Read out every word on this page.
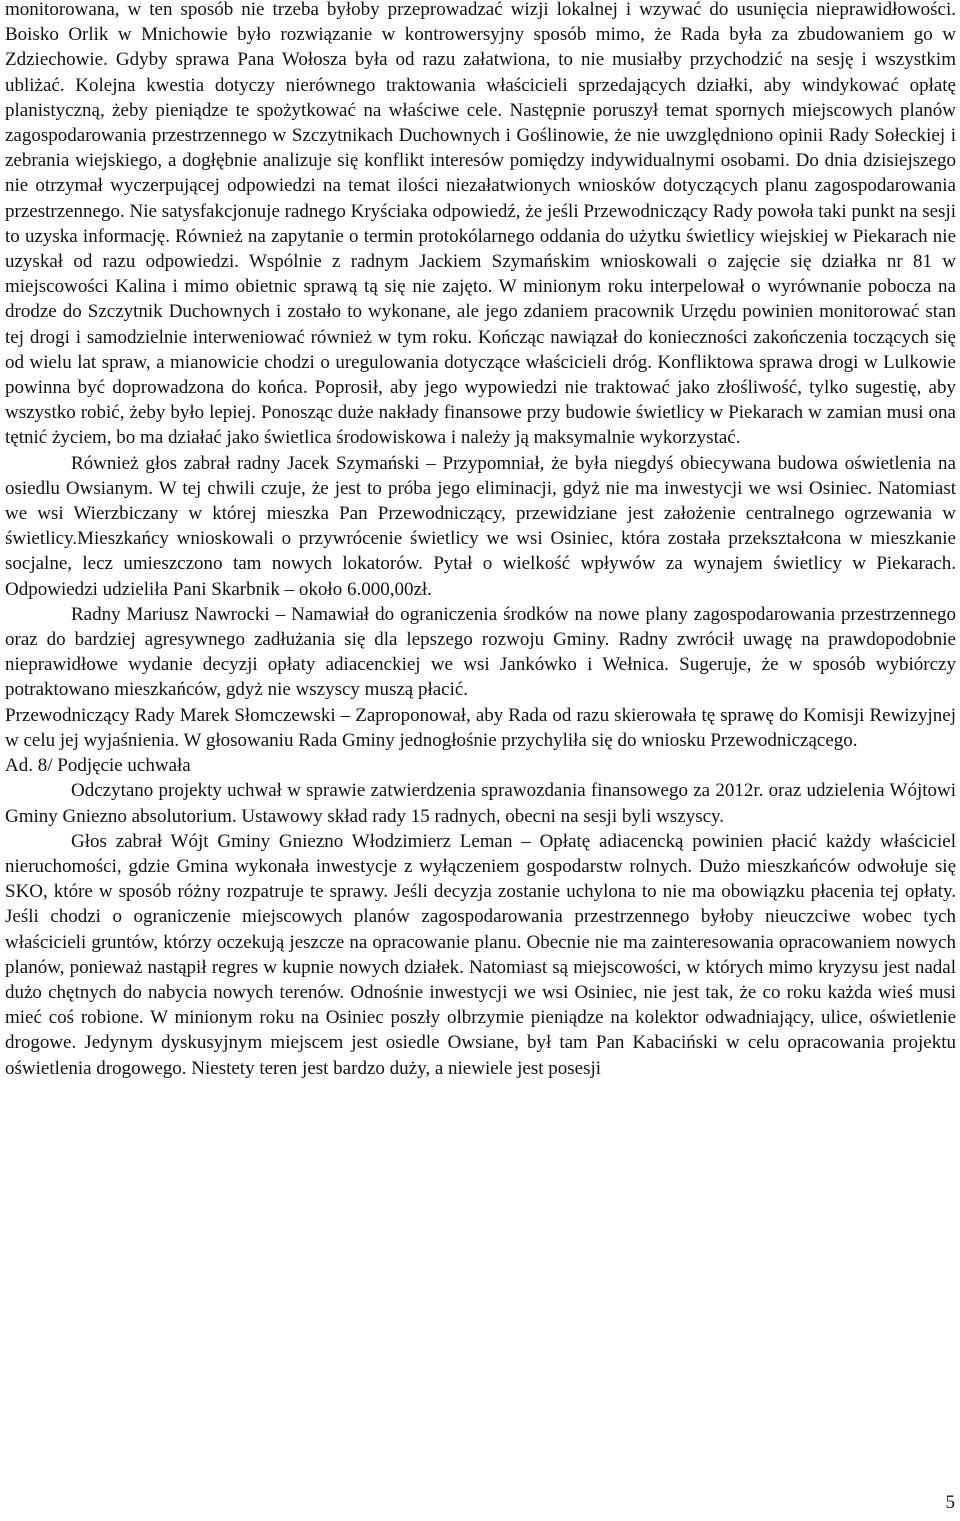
monitorowana, w ten sposób nie trzeba byłoby przeprowadzać wizji lokalnej i wzywać do usunięcia nieprawidłowości. Boisko Orlik w Mnichowie było rozwiązanie w kontrowersyjny sposób mimo, że Rada była za zbudowaniem go w Zdziechowie. Gdyby sprawa Pana Wołosza była od razu załatwiona, to nie musiałby przychodzić na sesję i wszystkim ubliżać. Kolejna kwestia dotyczy nierównego traktowania właścicieli sprzedających działki, aby windykować opłatę planistyczną, żeby pieniądze te spożytkować na właściwe cele. Następnie poruszył temat spornych miejscowych planów zagospodarowania przestrzennego w Szczytnikach Duchownych i Goślinowie, że nie uwzględniono opinii Rady Sołeckiej i zebrania wiejskiego, a dogłębnie analizuje się konflikt interesów pomiędzy indywidualnymi osobami. Do dnia dzisiejszego nie otrzymał wyczerpującej odpowiedzi na temat ilości niezałatwionych wniosków dotyczących planu zagospodarowania przestrzennego. Nie satysfakcjonuje radnego Kryściaka odpowiedź, że jeśli Przewodniczący Rady powoła taki punkt na sesji to uzyska informację. Również na zapytanie o termin protokólarnego oddania do użytku świetlicy wiejskiej w Piekarach nie uzyskał od razu odpowiedzi. Wspólnie z radnym Jackiem Szymańskim wnioskowali o zajęcie się działka nr 81 w miejscowości Kalina i mimo obietnic sprawą tą się nie zajęto. W minionym roku interpelował o wyrównanie pobocza na drodze do Szczytnik Duchownych i zostało to wykonane, ale jego zdaniem pracownik Urzędu powinien monitorować stan tej drogi i samodzielnie interweniować również w tym roku. Kończąc nawiązał do konieczności zakończenia toczących się od wielu lat spraw, a mianowicie chodzi o uregulowania dotyczące właścicieli dróg. Konfliktowa sprawa drogi w Lulkowie powinna być doprowadzona do końca. Poprosił, aby jego wypowiedzi nie traktować jako złośliwość, tylko sugestię, aby wszystko robić, żeby było lepiej. Ponosząc duże nakłady finansowe przy budowie świetlicy w Piekarach w zamian musi ona tętnić życiem, bo ma działać jako świetlica środowiskowa i należy ją maksymalnie wykorzystać.

Również głos zabrał radny Jacek Szymański – Przypomniał, że była niegdyś obiecywana budowa oświetlenia na osiedlu Owsianym. W tej chwili czuje, że jest to próba jego eliminacji, gdyż nie ma inwestycji we wsi Osiniec. Natomiast we wsi Wierzbiczany w której mieszka Pan Przewodniczący, przewidziane jest założenie centralnego ogrzewania w świetlicy.Mieszkańcy wnioskowali o przywrócenie świetlicy we wsi Osiniec, która została przekształcona w mieszkanie socjalne, lecz umieszczono tam nowych lokatorów. Pytał o wielkość wpływów za wynajem świetlicy w Piekarach. Odpowiedzi udzieliła Pani Skarbnik – około 6.000,00zł.

Radny Mariusz Nawrocki – Namawiał do ograniczenia środków na nowe plany zagospodarowania przestrzennego oraz do bardziej agresywnego zadłużania się dla lepszego rozwoju Gminy. Radny zwrócił uwagę na prawdopodobnie nieprawidłowe wydanie decyzji opłaty adiacenckiej we wsi Jankówko i Wełnica. Sugeruje, że w sposób wybiórczy potraktowano mieszkańców, gdyż nie wszyscy muszą płacić.

Przewodniczący Rady Marek Słomczewski – Zaproponował, aby Rada od razu skierowała tę sprawę do Komisji Rewizyjnej w celu jej wyjaśnienia. W głosowaniu Rada Gminy jednogłośnie przychyliła się do wniosku Przewodniczącego.

Ad. 8/ Podjęcie uchwała

Odczytano projekty uchwał w sprawie zatwierdzenia sprawozdania finansowego za 2012r. oraz udzielenia Wójtowi Gminy Gniezno absolutorium. Ustawowy skład rady 15 radnych, obecni na sesji byli wszyscy.

Głos zabrał Wójt Gminy Gniezno Włodzimierz Leman – Opłatę adiacencką powinien płacić każdy właściciel nieruchomości, gdzie Gmina wykonała inwestycje z wyłączeniem gospodarstw rolnych. Dużo mieszkańców odwołuje się SKO, które w sposób różny rozpatruje te sprawy. Jeśli decyzja zostanie uchylona to nie ma obowiązku płacenia tej opłaty. Jeśli chodzi o ograniczenie miejscowych planów zagospodarowania przestrzennego byłoby nieuczciwe wobec tych właścicieli gruntów, którzy oczekują jeszcze na opracowanie planu. Obecnie nie ma zainteresowania opracowaniem nowych planów, ponieważ nastąpił regres w kupnie nowych działek. Natomiast są miejscowości, w których mimo kryzysu jest nadal dużo chętnych do nabycia nowych terenów. Odnośnie inwestycji we wsi Osiniec, nie jest tak, że co roku każda wieś musi mieć coś robione. W minionym roku na Osiniec poszły olbrzymie pieniądze na kolektor odwadniający, ulice, oświetlenie drogowe. Jedynym dyskusyjnym miejscem jest osiedle Owsiane, był tam Pan Kabaciński w celu opracowania projektu oświetlenia drogowego. Niestety teren jest bardzo duży, a niewiele jest posesji

5
